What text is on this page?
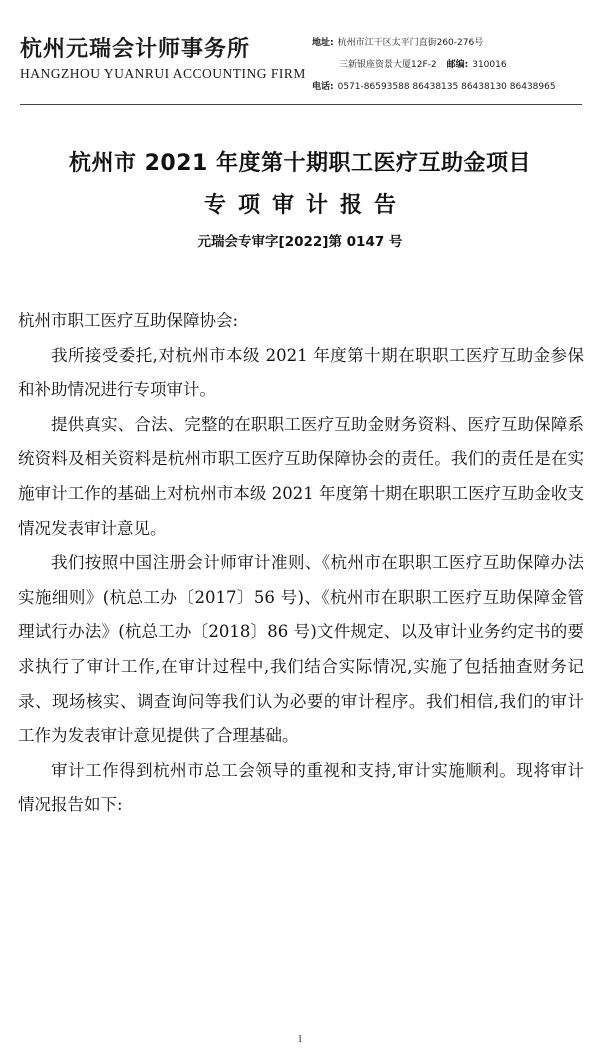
杭州元瑞会计师事务所
HANGZHOU YUANRUI ACCOUNTING FIRM
地址: 杭州市江干区太平门直街260-276号
三新银座资景大厦12F-2 邮编: 310016
电话: 0571-86593588 86438135 86438130 86438965
杭州市 2021 年度第十期职工医疗互助金项目
专项审计报告
元瑞会专审字[2022]第 0147 号

杭州市职工医疗互助保障协会:

我所接受委托,对杭州市本级 2021 年度第十期在职职工医疗互助金参保和补助情况进行专项审计。

提供真实、合法、完整的在职职工医疗互助金财务资料、医疗互助保障系统资料及相关资料是杭州市职工医疗互助保障协会的责任。我们的责任是在实施审计工作的基础上对杭州市本级 2021 年度第十期在职职工医疗互助金收支情况发表审计意见。

我们按照中国注册会计师审计准则、《杭州市在职职工医疗互助保障办法实施细则》(杭总工办〔2017〕56 号)、《杭州市在职职工医疗互助保障金管理试行办法》(杭总工办〔2018〕86 号)文件规定、以及审计业务约定书的要求执行了审计工作,在审计过程中,我们结合实际情况,实施了包括抽查财务记录、现场核实、调查询问等我们认为必要的审计程序。我们相信,我们的审计工作为发表审计意见提供了合理基础。

审计工作得到杭州市总工会领导的重视和支持,审计实施顺利。现将审计情况报告如下:

1
